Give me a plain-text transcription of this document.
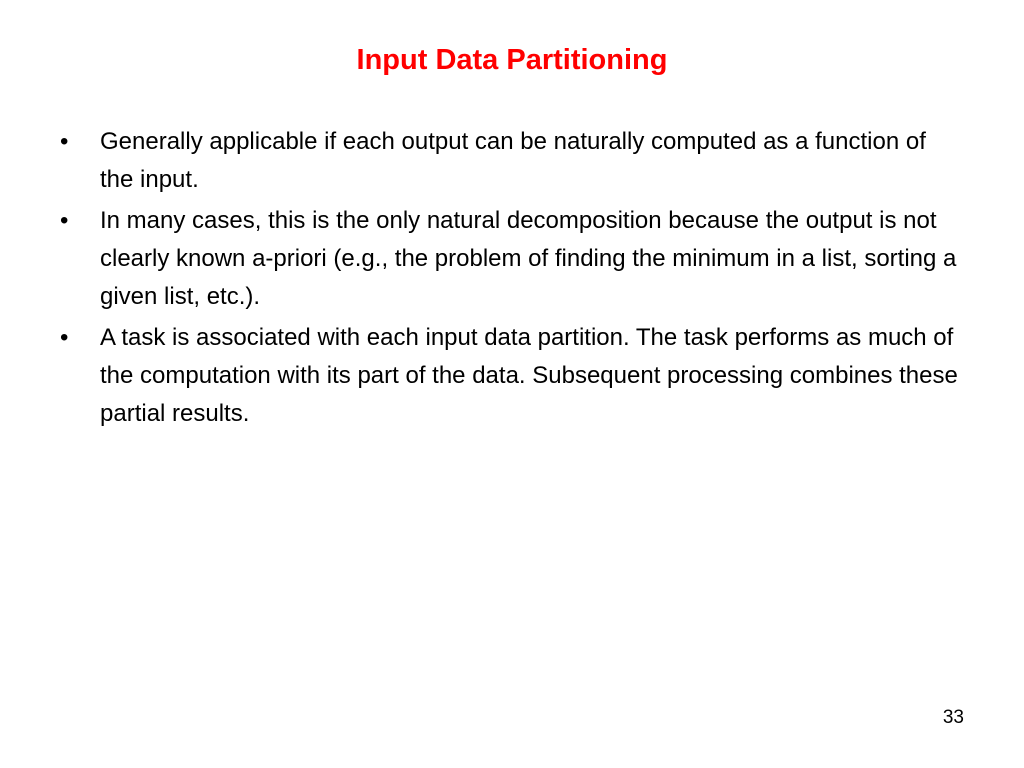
Input Data Partitioning
•	Generally applicable if each output can be naturally computed as a function of the input.
•	In many cases, this is the only natural decomposition because the output is not clearly known a-priori (e.g., the problem of finding the minimum in a list, sorting a given list, etc.).
•	A task is associated with each input data partition. The task performs as much of the computation with its part of the data. Subsequent processing combines these partial results.
33
